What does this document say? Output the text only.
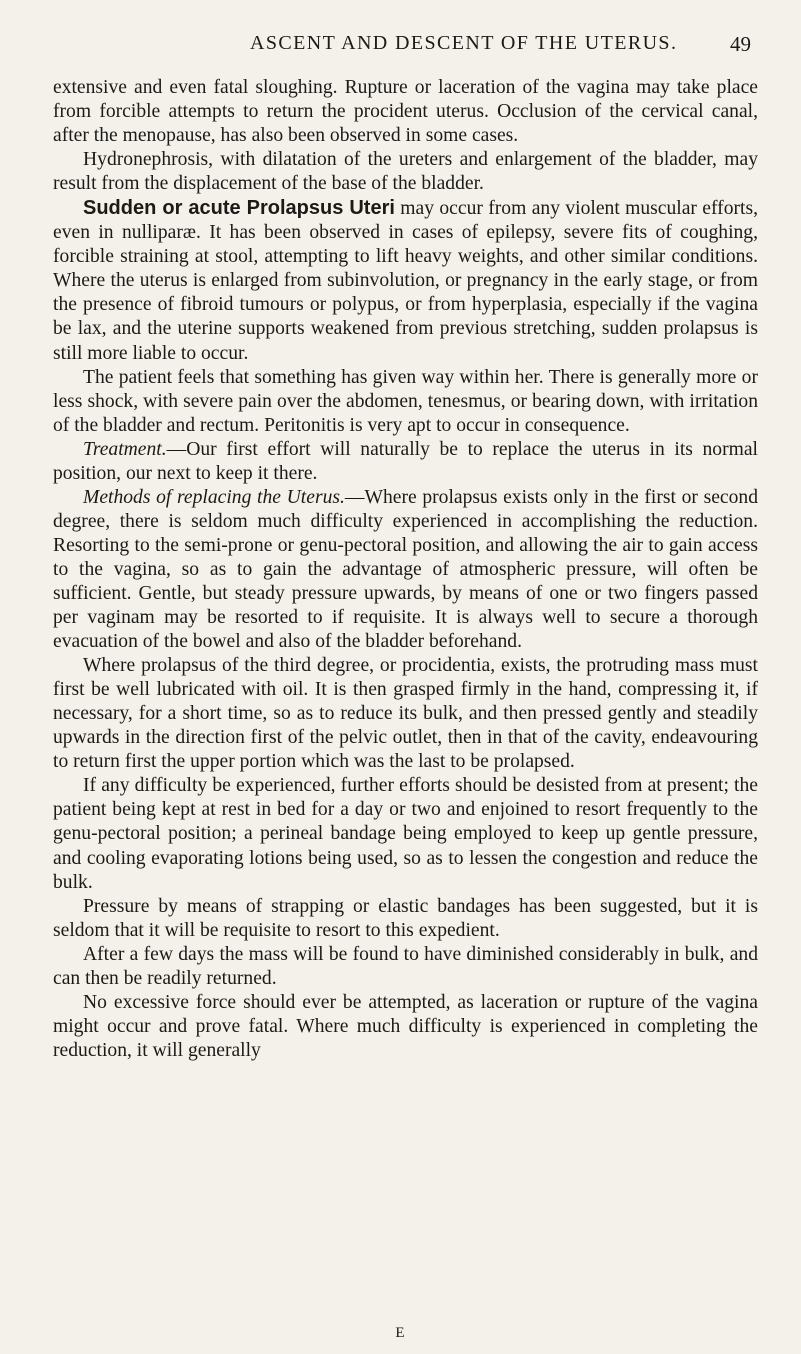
ASCENT AND DESCENT OF THE UTERUS.	49

extensive and even fatal sloughing. Rupture or laceration of the vagina may take place from forcible attempts to return the procident uterus. Occlusion of the cervical canal, after the menopause, has also been observed in some cases.

Hydronephrosis, with dilatation of the ureters and enlargement of the bladder, may result from the displacement of the base of the bladder.

Sudden or acute Prolapsus Uteri may occur from any violent muscular efforts, even in nulliparæ. It has been observed in cases of epilepsy, severe fits of coughing, forcible straining at stool, attempting to lift heavy weights, and other similar conditions. Where the uterus is enlarged from subinvolution, or pregnancy in the early stage, or from the presence of fibroid tumours or polypus, or from hyperplasia, especially if the vagina be lax, and the uterine supports weakened from previous stretching, sudden prolapsus is still more liable to occur.

The patient feels that something has given way within her. There is generally more or less shock, with severe pain over the abdomen, tenesmus, or bearing down, with irritation of the bladder and rectum. Peritonitis is very apt to occur in consequence.

Treatment.—Our first effort will naturally be to replace the uterus in its normal position, our next to keep it there.

Methods of replacing the Uterus.—Where prolapsus exists only in the first or second degree, there is seldom much difficulty experienced in accomplishing the reduction. Resorting to the semi-prone or genu-pectoral position, and allowing the air to gain access to the vagina, so as to gain the advantage of atmospheric pressure, will often be sufficient. Gentle, but steady pressure upwards, by means of one or two fingers passed per vaginam may be resorted to if requisite. It is always well to secure a thorough evacuation of the bowel and also of the bladder beforehand.

Where prolapsus of the third degree, or procidentia, exists, the protruding mass must first be well lubricated with oil. It is then grasped firmly in the hand, compressing it, if necessary, for a short time, so as to reduce its bulk, and then pressed gently and steadily upwards in the direction first of the pelvic outlet, then in that of the cavity, endeavouring to return first the upper portion which was the last to be prolapsed.

If any difficulty be experienced, further efforts should be desisted from at present; the patient being kept at rest in bed for a day or two and enjoined to resort frequently to the genu-pectoral position; a perineal bandage being employed to keep up gentle pressure, and cooling evaporating lotions being used, so as to lessen the congestion and reduce the bulk.

Pressure by means of strapping or elastic bandages has been suggested, but it is seldom that it will be requisite to resort to this expedient.

After a few days the mass will be found to have diminished considerably in bulk, and can then be readily returned.

No excessive force should ever be attempted, as laceration or rupture of the vagina might occur and prove fatal. Where much difficulty is experienced in completing the reduction, it will generally

E
